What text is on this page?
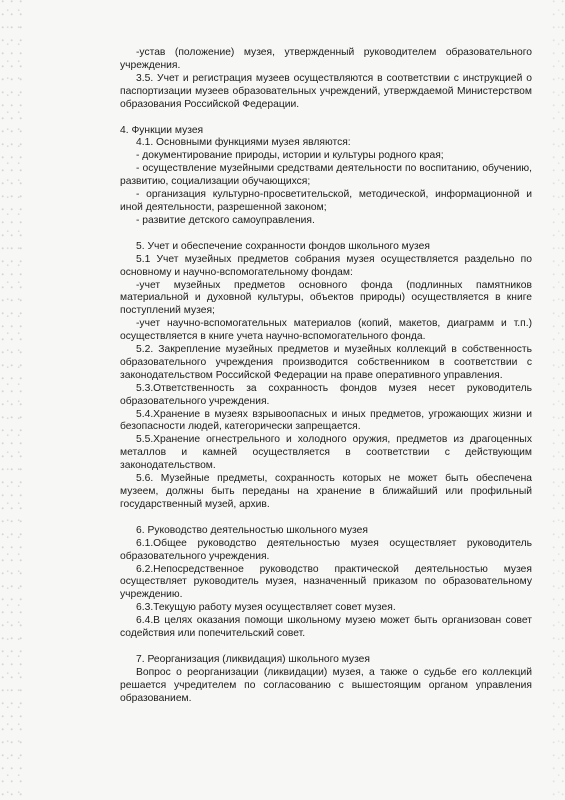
-устав (положение) музея, утвержденный руководителем образовательного учреждения.

3.5. Учет и регистрация музеев осуществляются в соответствии с инструкцией о паспортизации музеев образовательных учреждений, утверждаемой Министерством образования Российской Федерации.

4. Функции музея

4.1. Основными функциями музея являются:

- документирование природы, истории и культуры родного края;

- осуществление музейными средствами деятельности по воспитанию, обучению, развитию, социализации обучающихся;

- организация культурно-просветительской, методической, информационной и иной деятельности, разрешенной законом;

- развитие детского самоуправления.

5. Учет и обеспечение сохранности фондов школьного музея

5.1 Учет музейных предметов собрания музея осуществляется раздельно по основному и научно-вспомогательному фондам:

-учет музейных предметов основного фонда (подлинных памятников материальной и духовной культуры, объектов природы) осуществляется в книге поступлений музея;

-учет научно-вспомогательных материалов (копий, макетов, диаграмм и т.п.) осуществляется в книге учета научно-вспомогательного фонда.

5.2. Закрепление музейных предметов и музейных коллекций в собственность образовательного учреждения производится собственником в соответствии с законодательством Российской Федерации на праве оперативного управления.

5.3.Ответственность за сохранность фондов музея несет руководитель образовательного учреждения.

5.4.Хранение в музеях взрывоопасных и иных предметов, угрожающих жизни и безопасности людей, категорически запрещается.

5.5.Хранение огнестрельного и холодного оружия, предметов из драгоценных металлов и камней осуществляется в соответствии с действующим законодательством.

5.6. Музейные предметы, сохранность которых не может быть обеспечена музеем, должны быть переданы на хранение в ближайший или профильный государственный музей, архив.

6. Руководство деятельностью школьного музея

6.1.Общее руководство деятельностью музея осуществляет руководитель образовательного учреждения.

6.2.Непосредственное руководство практической деятельностью музея осуществляет руководитель музея, назначенный приказом по образовательному учреждению.

6.3.Текущую работу музея осуществляет совет музея.

6.4.В целях оказания помощи школьному музею может быть организован совет содействия или попечительский совет.

7. Реорганизация (ликвидация) школьного музея

Вопрос о реорганизации (ликвидации) музея, а также о судьбе его коллекций решается учредителем по согласованию с вышестоящим органом управления образованием.
